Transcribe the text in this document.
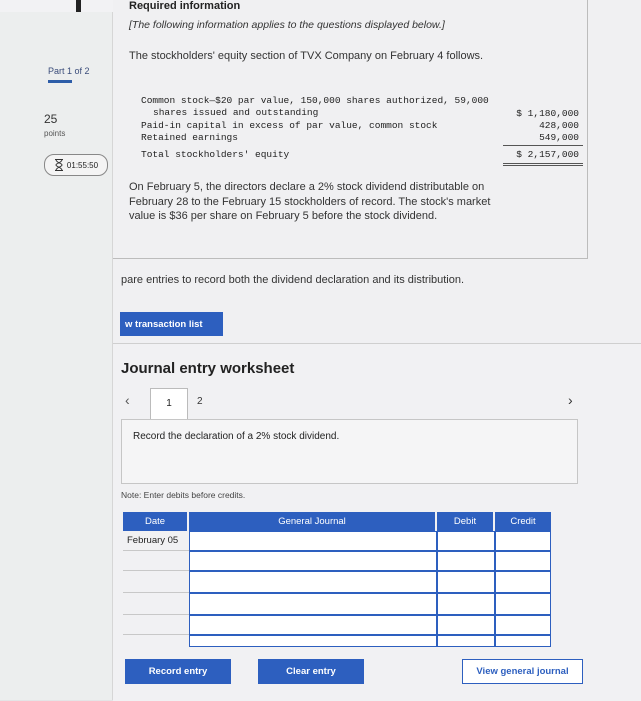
Part 1 of 2
25
points
01:55:50
Required information
[The following information applies to the questions displayed below.]
The stockholders' equity section of TVX Company on February 4 follows.
Common stock—$20 par value, 150,000 shares authorized, 59,000
shares issued and outstanding	$ 1,180,000
Paid-in capital in excess of par value, common stock	428,000
Retained earnings	549,000
Total stockholders' equity	$ 2,157,000
On February 5, the directors declare a 2% stock dividend distributable on February 28 to the February 15 stockholders of record. The stock's market value is $36 per share on February 5 before the stock dividend.
pare entries to record both the dividend declaration and its distribution.
w transaction list
Journal entry worksheet
‹	1	2	›
Record the declaration of a 2% stock dividend.
Note: Enter debits before credits.
Date	General Journal	Debit	Credit
February 05
Record entry	Clear entry	View general journal
